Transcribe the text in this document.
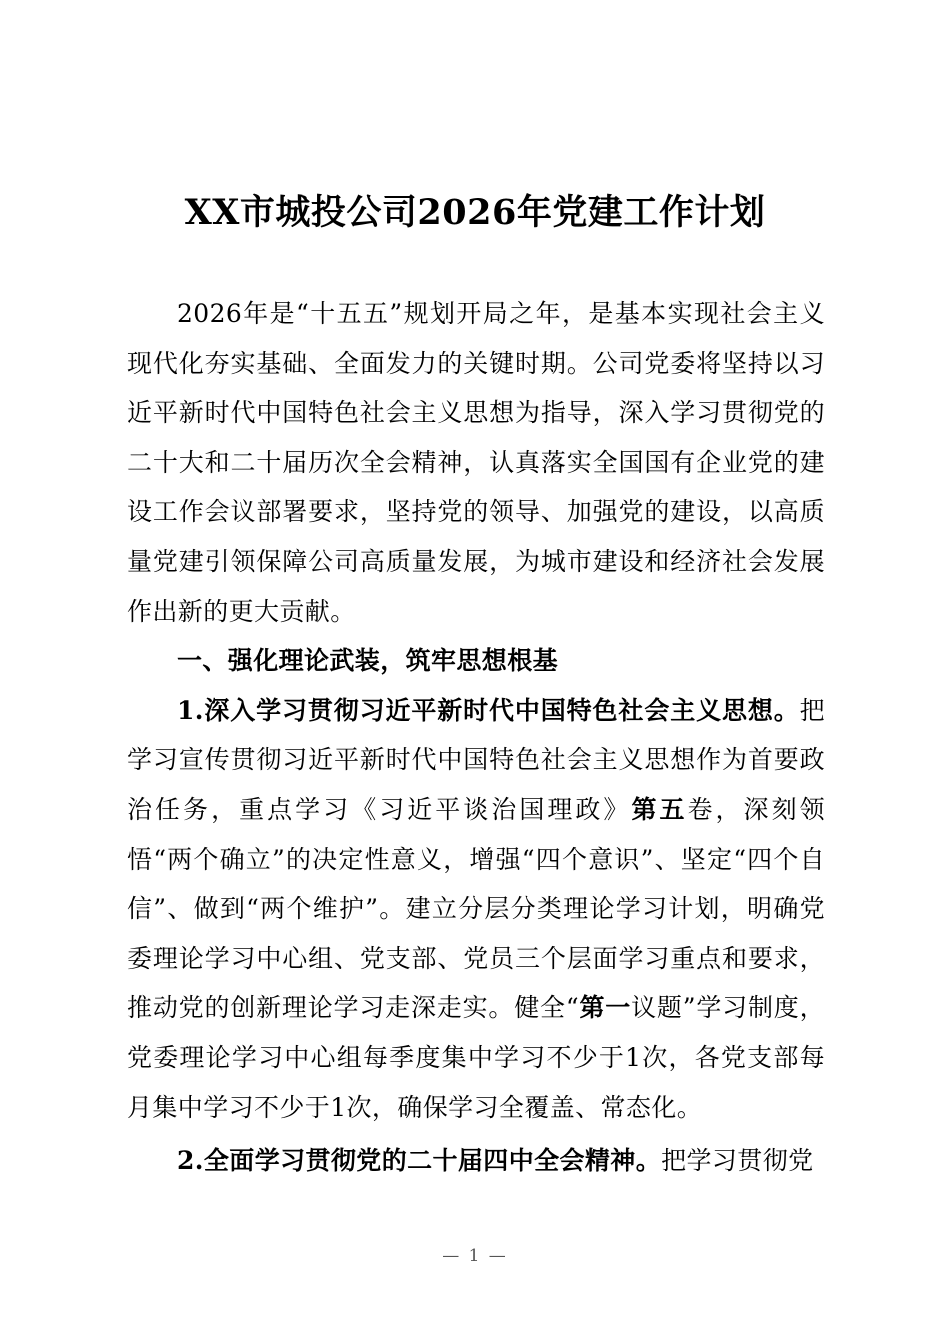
XX市城投公司2026年党建工作计划

2026年是“十五五”规划开局之年，是基本实现社会主义现代化夯实基础、全面发力的关键时期。公司党委将坚持以习近平新时代中国特色社会主义思想为指导，深入学习贯彻党的二十大和二十届历次全会精神，认真落实全国国有企业党的建设工作会议部署要求，坚持党的领导、加强党的建设，以高质量党建引领保障公司高质量发展，为城市建设和经济社会发展作出新的更大贡献。

一、强化理论武装，筑牢思想根基

1.深入学习贯彻习近平新时代中国特色社会主义思想。把学习宣传贯彻习近平新时代中国特色社会主义思想作为首要政治任务，重点学习《习近平谈治国理政》第五卷，深刻领悟“两个确立”的决定性意义，增强“四个意识”、坚定“四个自信”、做到“两个维护”。建立分层分类理论学习计划，明确党委理论学习中心组、党支部、党员三个层面学习重点和要求，推动党的创新理论学习走深走实。健全“第一议题”学习制度，党委理论学习中心组每季度集中学习不少于1次，各党支部每月集中学习不少于1次，确保学习全覆盖、常态化。

2.全面学习贯彻党的二十届四中全会精神。把学习贯彻党

— 1 —
